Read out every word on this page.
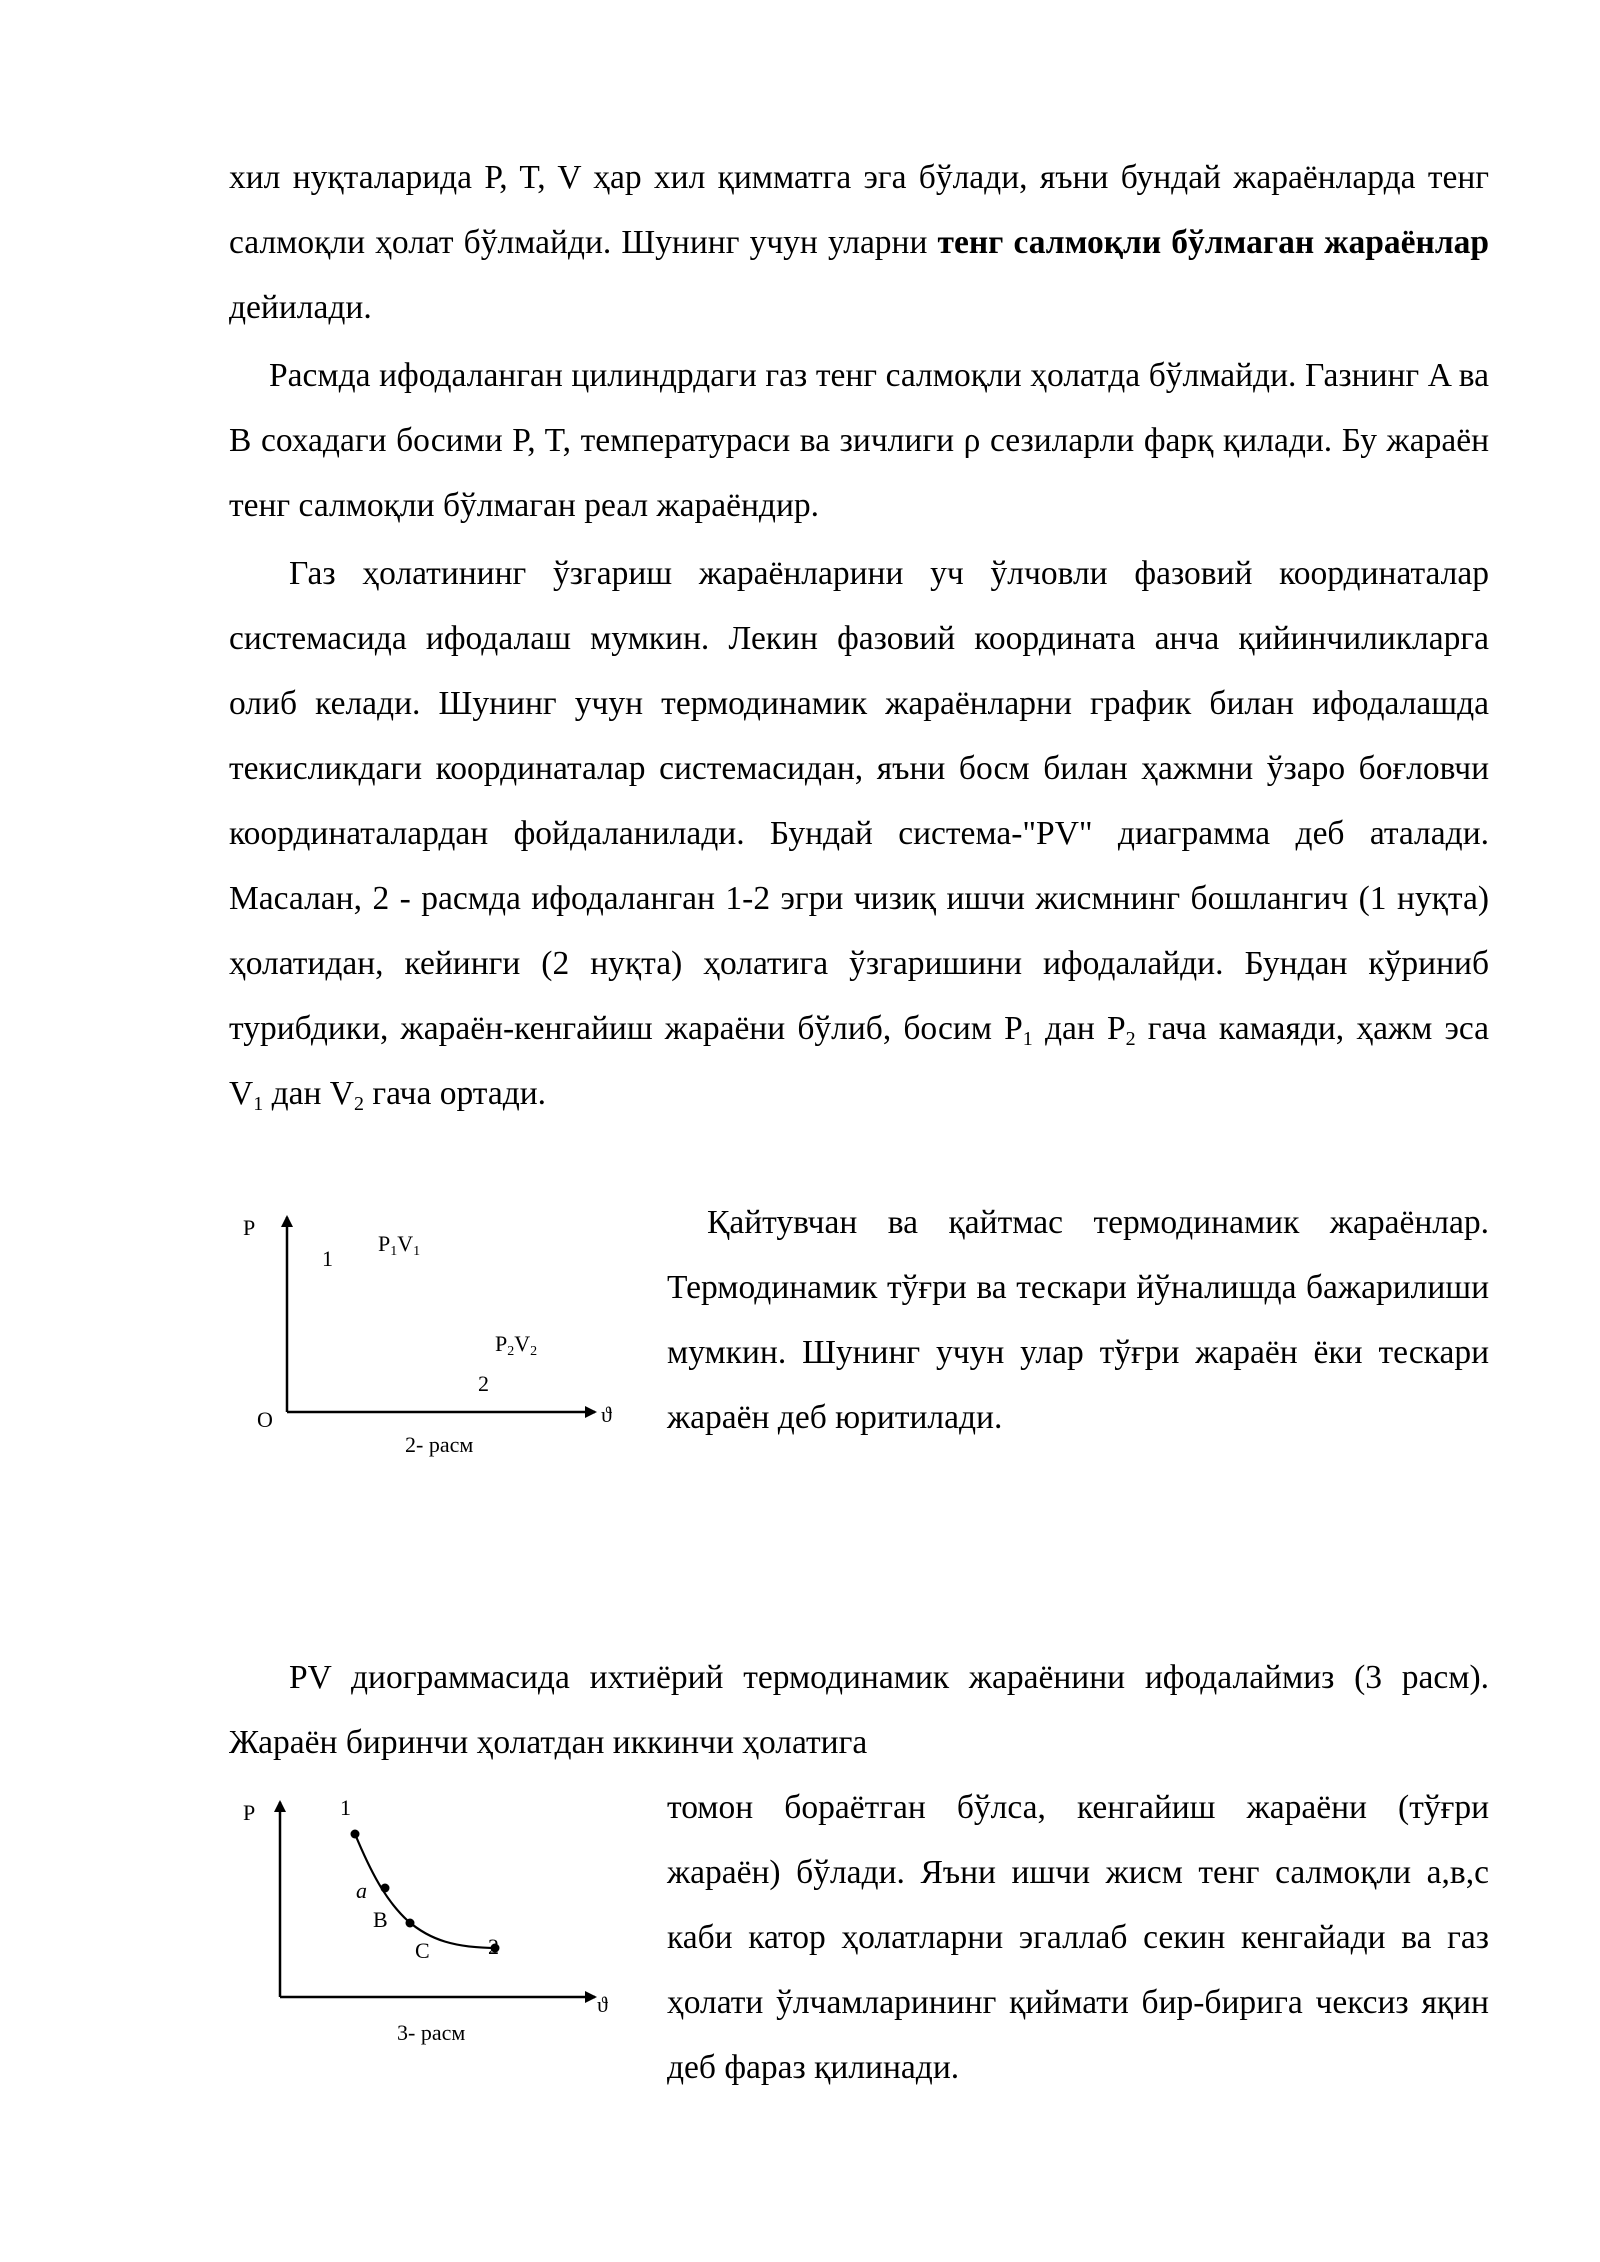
хил нуқталарида P, T, V ҳар хил қимматга эга бўлади, яъни бундай жараёнларда тенг салмоқли ҳолат бўлмайди. Шунинг учун уларни тенг салмоқли бўлмаган жараёнлар дейилади.

Расмда ифодаланган цилиндрдаги газ тенг салмоқли ҳолатда бўлмайди. Газнинг A ва B сохадаги босими P, T, температураси ва зичлиги ρ сезиларли фарқ қилади. Бу жараён тенг салмоқли бўлмаган реал жараёндир.

Газ ҳолатининг ўзгариш жараёнларини уч ўлчовли фазовий координаталар системасида ифодалаш мумкин. Лекин фазовий координата анча қийинчиликларга олиб келади. Шунинг учун термодинамик жараёнларни график билан ифодалашда текисликдаги координаталар системасидан, яъни босм билан ҳажмни ўзаро боғловчи координаталардан фойдаланилади. Бундай система-"PV" диаграмма деб аталади. Масалан, 2 - расмда ифодаланган 1-2 эгри чизиқ ишчи жисмнинг бошлангич (1 нуқта) ҳолатидан, кейинги (2 нуқта) ҳолатига ўзгаришини ифодалайди. Бундан кўриниб турибдики, жараён-кенгайиш жараёни бўлиб, босим $P_1$ дан $P_2$ гача камаяди, ҳажм эса $V_1$ дан $V_2$ гача ортади.

Қайтувчан ва қайтмас термодинамик жараёнлар. Термодинамик тўғри ва тескари йўналишда бажарилиши мумкин. Шунинг учун улар тўғри жараён ёки тескари жараён деб юритилади.

P
O	ϑ
1
P1V1
P2V2
2
2- расм

PV диограммасида ихтиёрий термодинамик жараёнини ифодалаймиз (3 расм). Жараён биринчи ҳолатдан иккинчи ҳолатига

томон бораётган бўлса, кенгайиш жараёни (тўғри жараён) бўлади. Яъни ишчи жисм тенг салмоқли а,в,с каби катор ҳолатларни эгаллаб секин кенгайади ва газ ҳолати ўлчамларининг қиймати бир-бирига чексиз яқин деб фараз қилинади.

P
ϑ
1
a
B
C	2
3- расм
